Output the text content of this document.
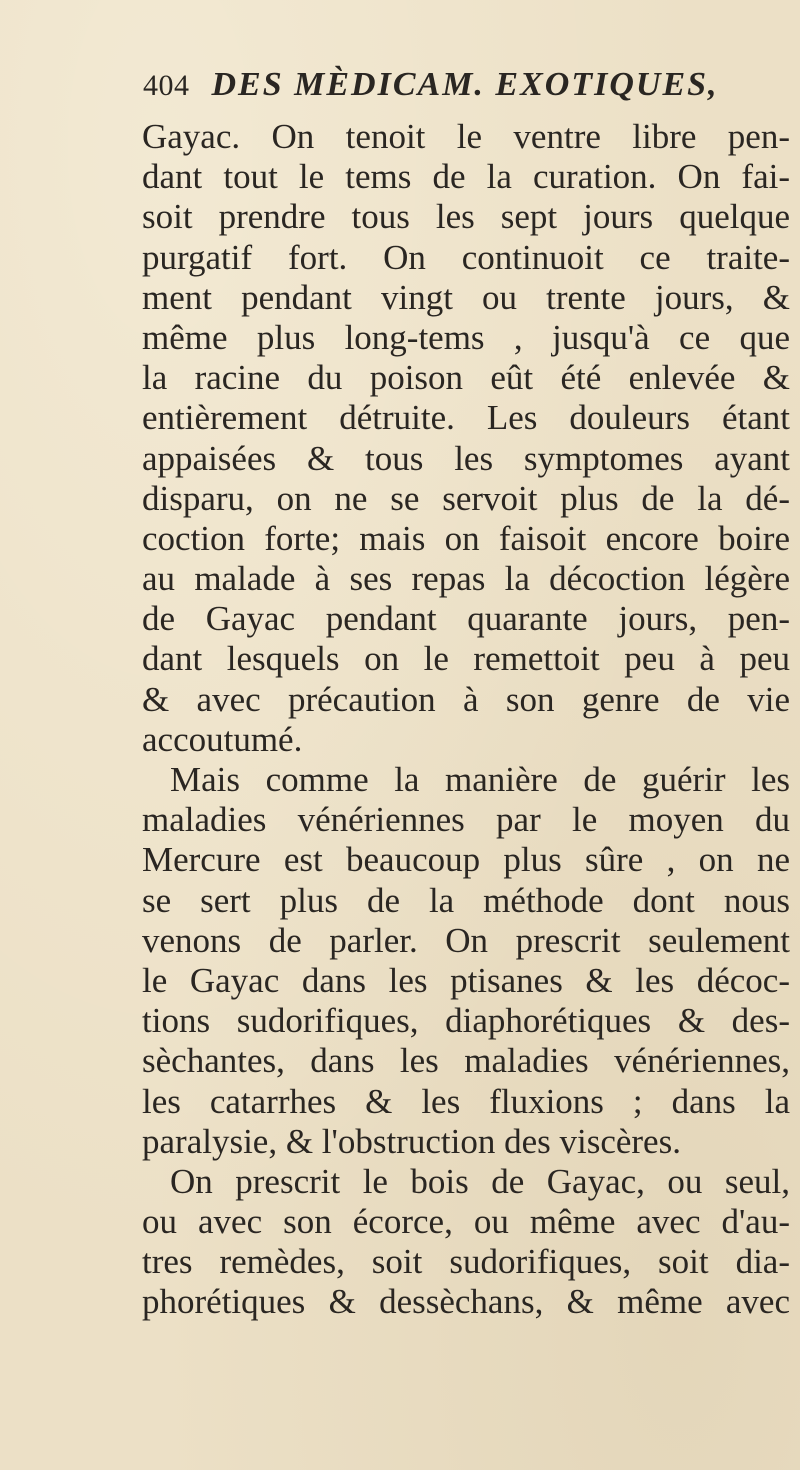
404 DES MÈDICAM. EXOTIQUES,
Gayac. On tenoit le ventre libre pen-
dant tout le tems de la curation. On fai-
soit prendre tous les sept jours quelque
purgatif fort. On continuoit ce traite-
ment pendant vingt ou trente jours, &
même plus long-tems , jusqu'à ce que
la racine du poison eût été enlevée &
entièrement détruite. Les douleurs étant
appaisées & tous les symptomes ayant
disparu, on ne se servoit plus de la dé-
coction forte; mais on faisoit encore boire
au malade à ses repas la décoction légère
de Gayac pendant quarante jours, pen-
dant lesquels on le remettoit peu à peu
& avec précaution à son genre de vie
accoutumé.
Mais comme la manière de guérir les
maladies vénériennes par le moyen du
Mercure est beaucoup plus sûre , on ne
se sert plus de la méthode dont nous
venons de parler. On prescrit seulement
le Gayac dans les ptisanes & les décoc-
tions sudorifiques, diaphorétiques & des-
sèchantes, dans les maladies vénériennes,
les catarrhes & les fluxions ; dans la
paralysie, & l'obstruction des viscères.
On prescrit le bois de Gayac, ou seul,
ou avec son écorce, ou même avec d'au-
tres remèdes, soit sudorifiques, soit dia-
phorétiques & dessèchans, & même avec
